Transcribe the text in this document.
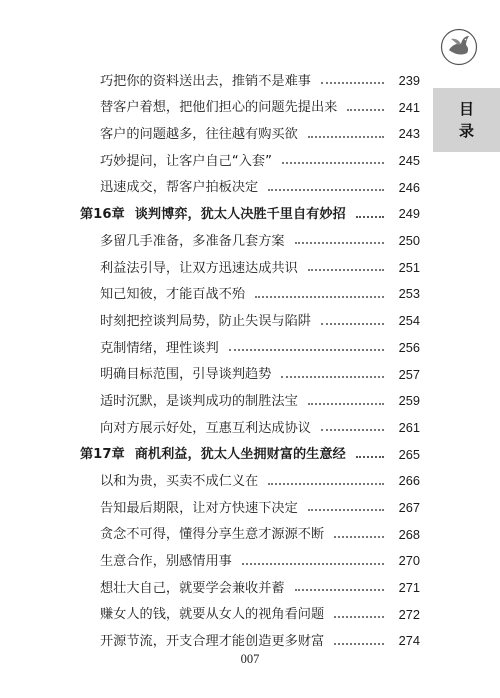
目
录
巧把你的资料送出去，推销不是难事	239
替客户着想，把他们担心的问题先提出来	241
客户的问题越多，往往越有购买欲	243
巧妙提问，让客户自己“入套”	245
迅速成交，帮客户拍板决定	246
第16章 谈判博弈，犹太人决胜千里自有妙招	249
多留几手准备，多准备几套方案	250
利益法引导，让双方迅速达成共识	251
知己知彼，才能百战不殆	253
时刻把控谈判局势，防止失误与陷阱	254
克制情绪，理性谈判	256
明确目标范围，引导谈判趋势	257
适时沉默，是谈判成功的制胜法宝	259
向对方展示好处，互惠互利达成协议	261
第17章 商机利益，犹太人坐拥财富的生意经	265
以和为贵，买卖不成仁义在	266
告知最后期限，让对方快速下决定	267
贪念不可得，懂得分享生意才源源不断	268
生意合作，别感情用事	270
想壮大自己，就要学会兼收并蓄	271
赚女人的钱，就要从女人的视角看问题	272
开源节流，开支合理才能创造更多财富	274
007
